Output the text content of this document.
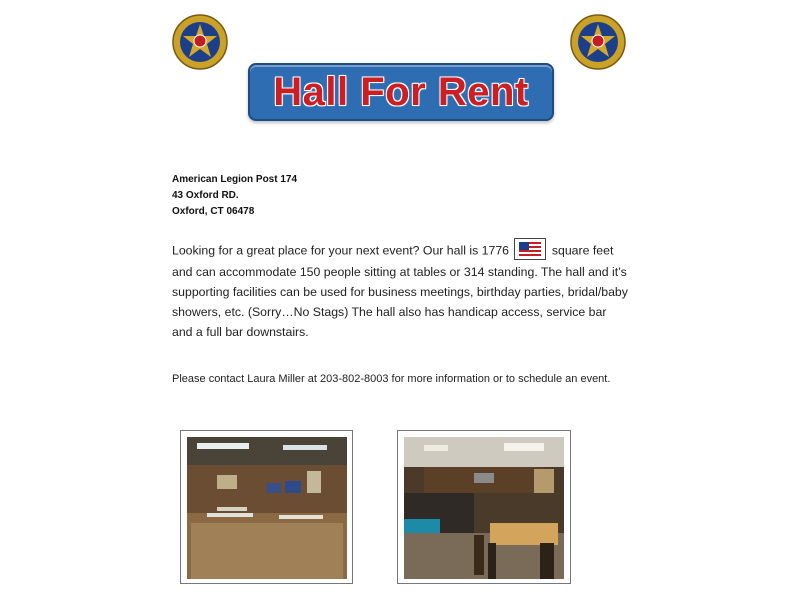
Hall For Rent
American Legion Post 174
43 Oxford RD.
Oxford, CT 06478
Looking for a great place for your next event? Our hall is 1776	square feet and can accommodate 150 people sitting at tables or 314 standing. The hall and it’s supporting facilities can be used for business meetings, birthday parties, bridal/baby showers, etc. (Sorry…No Stags) The hall also has handicap access, service bar and a full bar downstairs.
Please contact Laura Miller at 203-802-8003 for more information or to schedule an event.
